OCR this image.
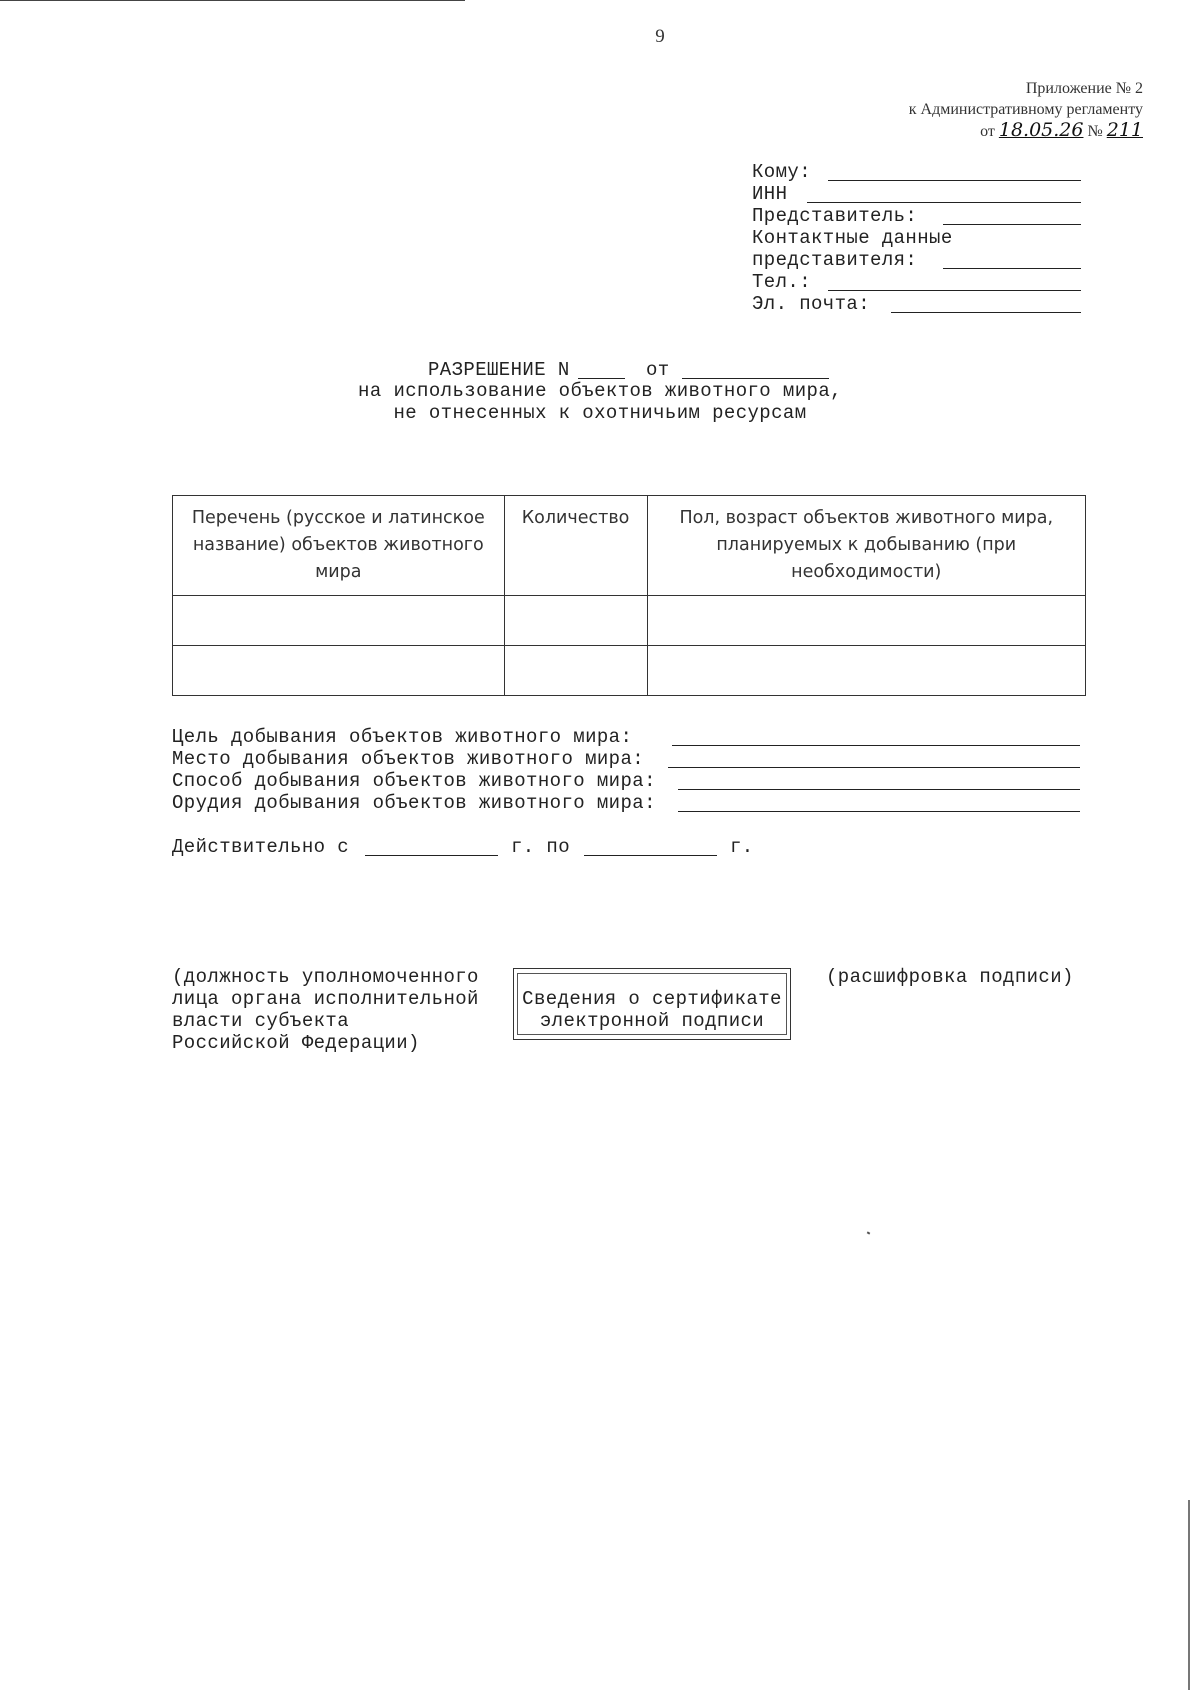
9
Приложение № 2
к Административному регламенту
от 18.05.26 № 211
Кому:
ИНН
Представитель:
Контактные данные
представителя:
Тел.:
Эл. почта:
РАЗРЕШЕНИЕ N	от
на использование объектов животного мира,
не отнесенных к охотничьим ресурсам
Перечень (русское и латинское название) объектов животного мира	Количество	Пол, возраст объектов животного мира, планируемых к добыванию (при необходимости)

Цель добывания объектов животного мира:
Место добывания объектов животного мира:
Способ добывания объектов животного мира:
Орудия добывания объектов животного мира:
Действительно с	г. по	г.
(должность уполномоченного
лица органа исполнительной
власти субъекта
Российской Федерации)
Сведения о сертификате
электронной подписи
(расшифровка подписи)
